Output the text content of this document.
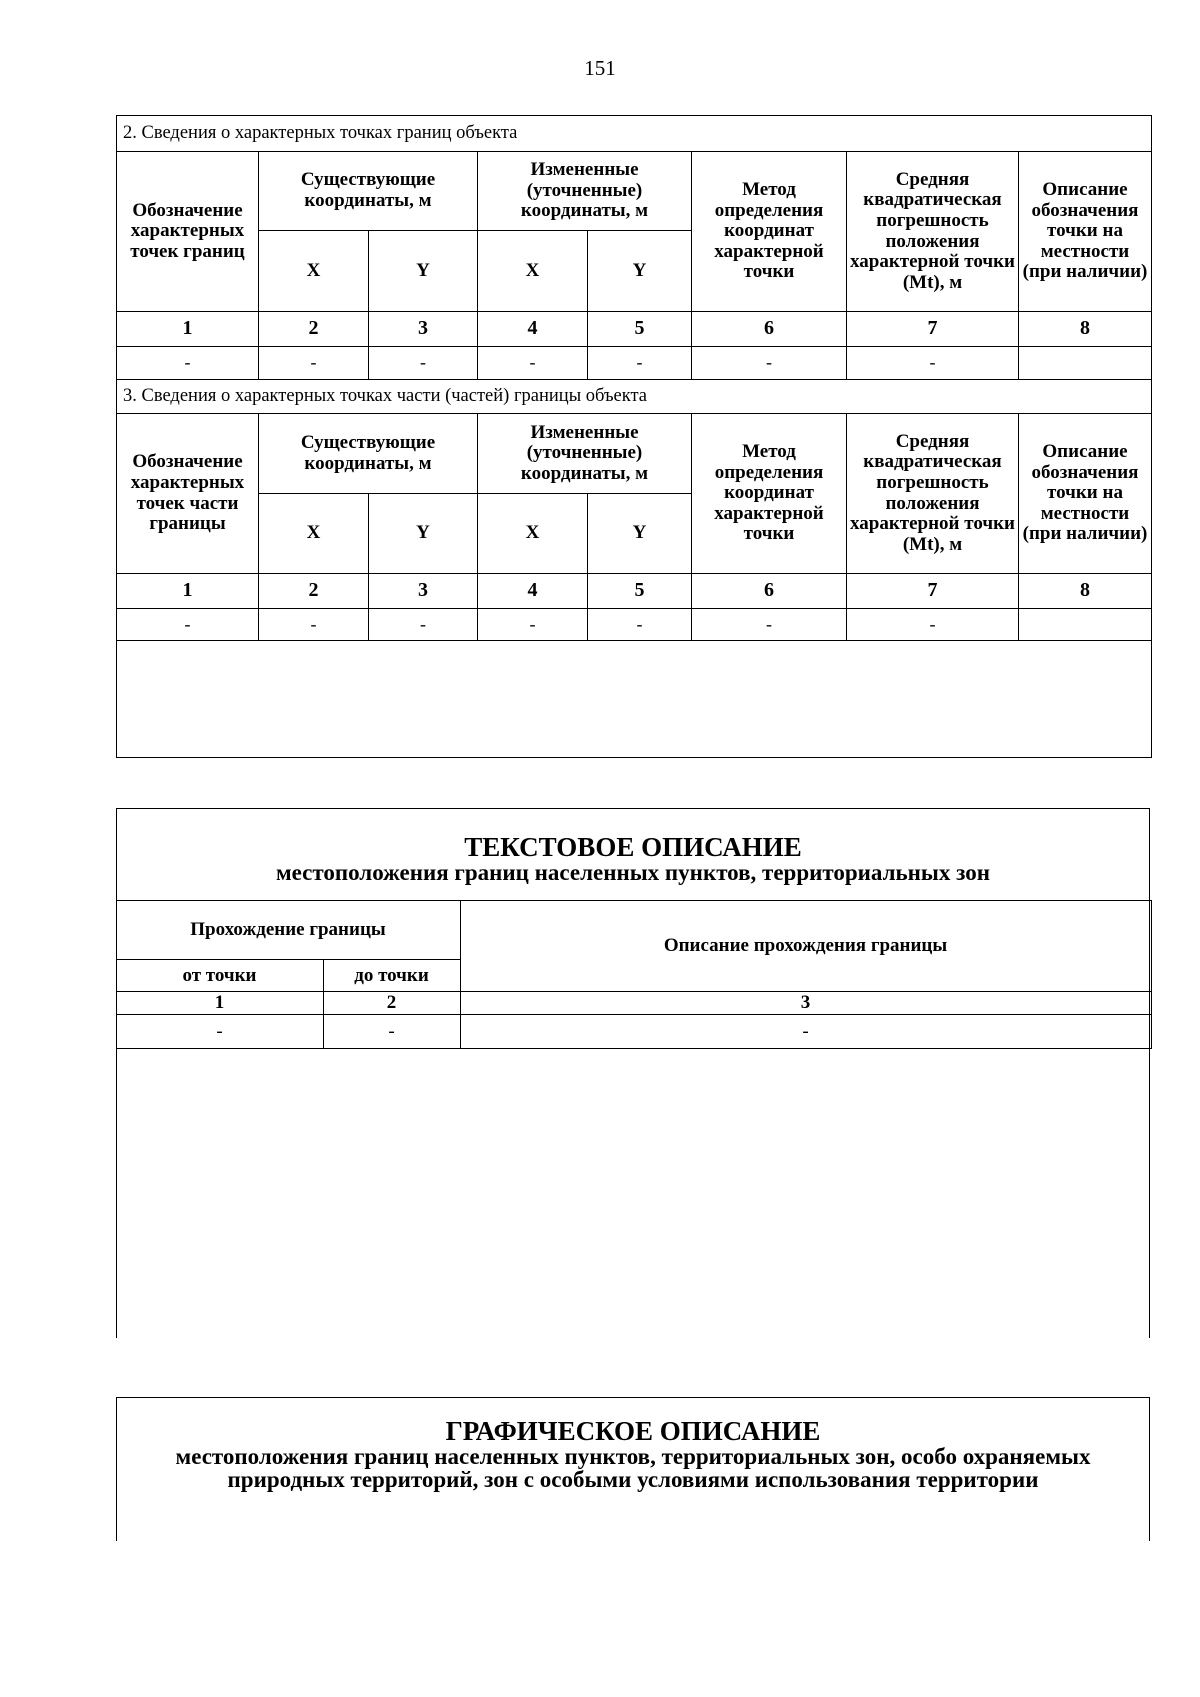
151
2. Сведения о характерных точках границ объекта							
Обозначение характерных точек границ	Существующие координаты, м		Измененные (уточненные) координаты, м		Метод определения координат характерной точки	Средняя квадратическая погрешность положения характерной точки (Mt), м	Описание обозначения точки на местности (при наличии)
	X	Y	X	Y			
1	2	3	4	5	6	7	8
-	-	-	-	-	-	-	
3. Сведения о характерных точках части (частей) границы объекта							
Обозначение характерных точек части границы	Существующие координаты, м		Измененные (уточненные) координаты, м		Метод определения координат характерной точки	Средняя квадратическая погрешность положения характерной точки (Mt), м	Описание обозначения точки на местности (при наличии)
	X	Y	X	Y			
1	2	3	4	5	6	7	8
-	-	-	-	-	-	-	

ТЕКСТОВОЕ ОПИСАНИЕ
местоположения границ населенных пунктов, территориальных зон
Прохождение границы		Описание прохождения границы
от точки	до точки	
1	2	3
-	-	-
ГРАФИЧЕСКОЕ ОПИСАНИЕ
местоположения границ населенных пунктов, территориальных зон, особо охраняемых природных территорий, зон с особыми условиями использования территории
